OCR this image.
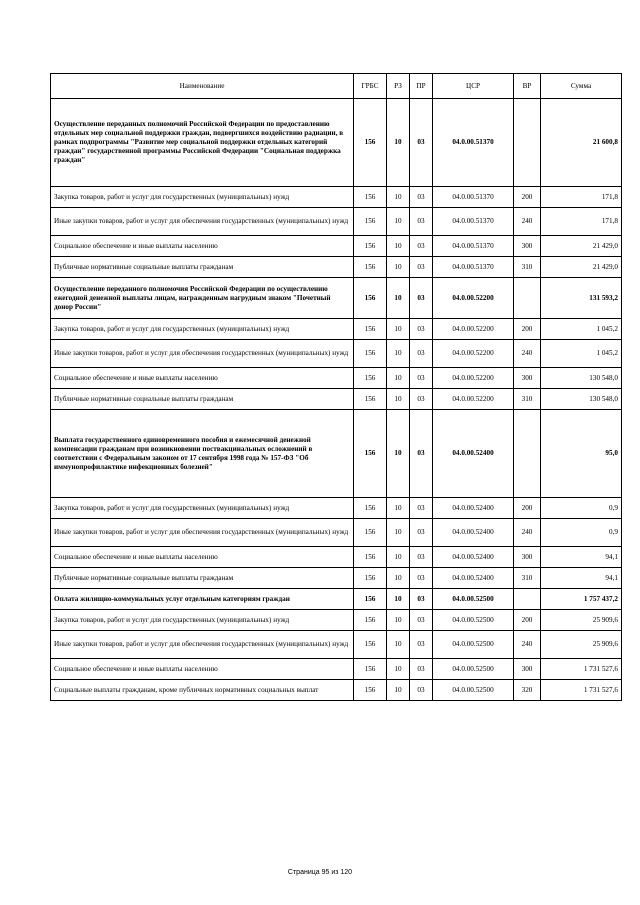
Наименование	ГРБС	РЗ	ПР	ЦСР	ВР	Сумма
Осуществление переданных полномочий Российской Федерации по предоставлению отдельных мер социальной поддержки граждан, подвергшихся воздействию радиации, в рамках подпрограммы "Развитие мер социальной поддержки отдельных категорий граждан" государственной программы Российской Федерации "Социальная поддержка граждан"	156	10	03	04.0.00.51370		21 600,8
Закупка товаров, работ и услуг для государственных (муниципальных) нужд	156	10	03	04.0.00.51370	200	171,8
Иные закупки товаров, работ и услуг для обеспечения государственных (муниципальных) нужд	156	10	03	04.0.00.51370	240	171,8
Социальное обеспечение и иные выплаты населению	156	10	03	04.0.00.51370	300	21 429,0
Публичные нормативные социальные выплаты гражданам	156	10	03	04.0.00.51370	310	21 429,0
Осуществление переданного полномочия Российской Федерации по осуществлению ежегодной денежной выплаты лицам, награжденным нагрудным знаком "Почетный донор России"	156	10	03	04.0.00.52200		131 593,2
Закупка товаров, работ и услуг для государственных (муниципальных) нужд	156	10	03	04.0.00.52200	200	1 045,2
Иные закупки товаров, работ и услуг для обеспечения государственных (муниципальных) нужд	156	10	03	04.0.00.52200	240	1 045,2
Социальное обеспечение и иные выплаты населению	156	10	03	04.0.00.52200	300	130 548,0
Публичные нормативные социальные выплаты гражданам	156	10	03	04.0.00.52200	310	130 548,0
Выплата государственного единовременного пособия и ежемесячной денежной компенсации гражданам при возникновении поствакцинальных осложнений в соответствии с Федеральным законом от 17 сентября 1998 года № 157-ФЗ "Об иммунопрофилактике инфекционных болезней"	156	10	03	04.0.00.52400		95,0
Закупка товаров, работ и услуг для государственных (муниципальных) нужд	156	10	03	04.0.00.52400	200	0,9
Иные закупки товаров, работ и услуг для обеспечения государственных (муниципальных) нужд	156	10	03	04.0.00.52400	240	0,9
Социальное обеспечение и иные выплаты населению	156	10	03	04.0.00.52400	300	94,1
Публичные нормативные социальные выплаты гражданам	156	10	03	04.0.00.52400	310	94,1
Оплата жилищно-коммунальных услуг отдельным категориям граждан	156	10	03	04.0.00.52500		1 757 437,2
Закупка товаров, работ и услуг для государственных (муниципальных) нужд	156	10	03	04.0.00.52500	200	25 909,6
Иные закупки товаров, работ и услуг для обеспечения государственных (муниципальных) нужд	156	10	03	04.0.00.52500	240	25 909,6
Социальное обеспечение и иные выплаты населению	156	10	03	04.0.00.52500	300	1 731 527,6
Социальные выплаты гражданам, кроме публичных нормативных социальных выплат	156	10	03	04.0.00.52500	320	1 731 527,6
Страница 95 из 120
